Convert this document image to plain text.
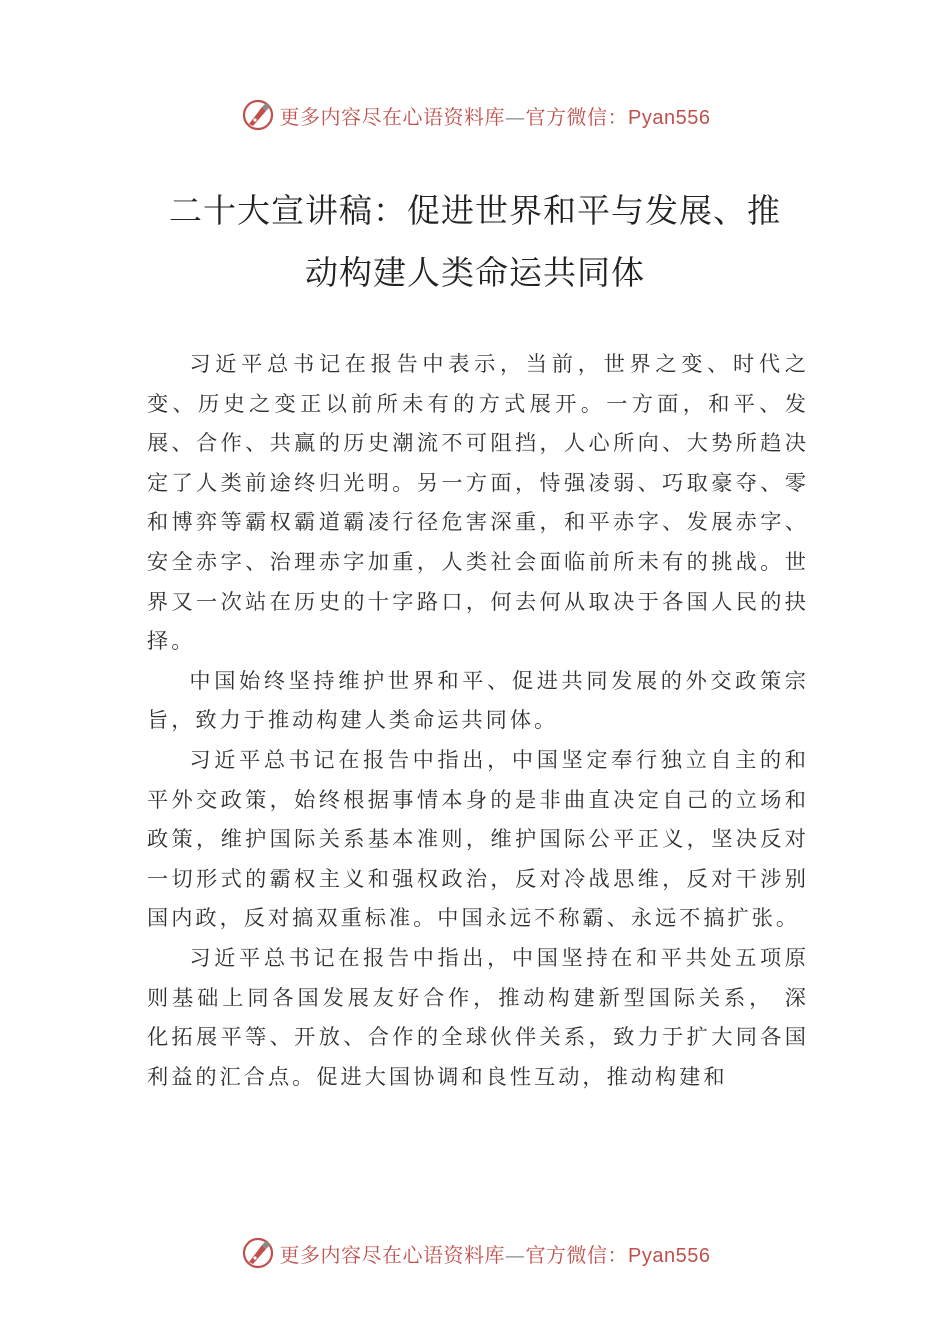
更多内容尽在心语资料库—官方微信：Pyan556
二十大宣讲稿：促进世界和平与发展、推
动构建人类命运共同体

习近平总书记在报告中表示，当前，世界之变、时代之变、历史之变正以前所未有的方式展开。一方面，和平、发展、合作、共赢的历史潮流不可阻挡，人心所向、大势所趋决定了人类前途终归光明。另一方面，恃强凌弱、巧取豪夺、零和博弈等霸权霸道霸凌行径危害深重，和平赤字、发展赤字、安全赤字、治理赤字加重，人类社会面临前所未有的挑战。世界又一次站在历史的十字路口，何去何从取决于各国人民的抉择。

中国始终坚持维护世界和平、促进共同发展的外交政策宗旨，致力于推动构建人类命运共同体。

习近平总书记在报告中指出，中国坚定奉行独立自主的和平外交政策，始终根据事情本身的是非曲直决定自己的立场和政策，维护国际关系基本准则，维护国际公平正义，坚决反对一切形式的霸权主义和强权政治，反对冷战思维，反对干涉别国内政，反对搞双重标准。中国永远不称霸、永远不搞扩张。

习近平总书记在报告中指出，中国坚持在和平共处五项原则基础上同各国发展友好合作，推动构建新型国际关系， 深化拓展平等、开放、合作的全球伙伴关系，致力于扩大同各国利益的汇合点。促进大国协调和良性互动，推动构建和

更多内容尽在心语资料库—官方微信：Pyan556
